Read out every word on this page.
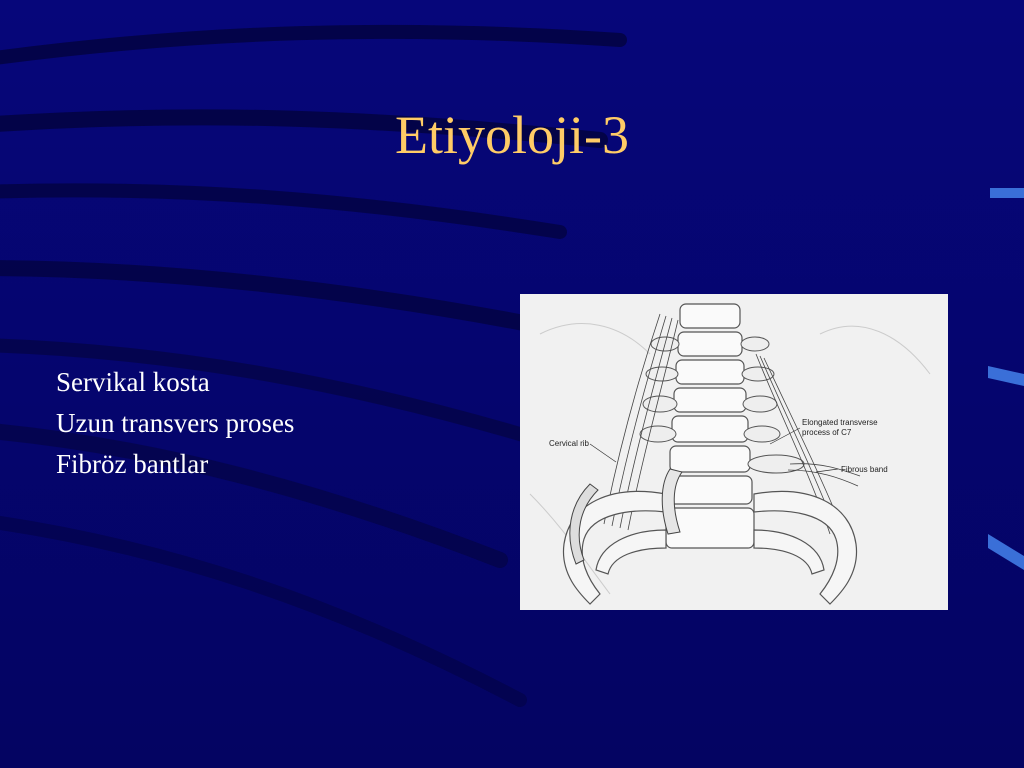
Etiyoloji-3
Servikal kosta
Uzun transvers proses
Fibröz bantlar
Cervical rib
Elongated transverse
process of C7
Fibrous band
